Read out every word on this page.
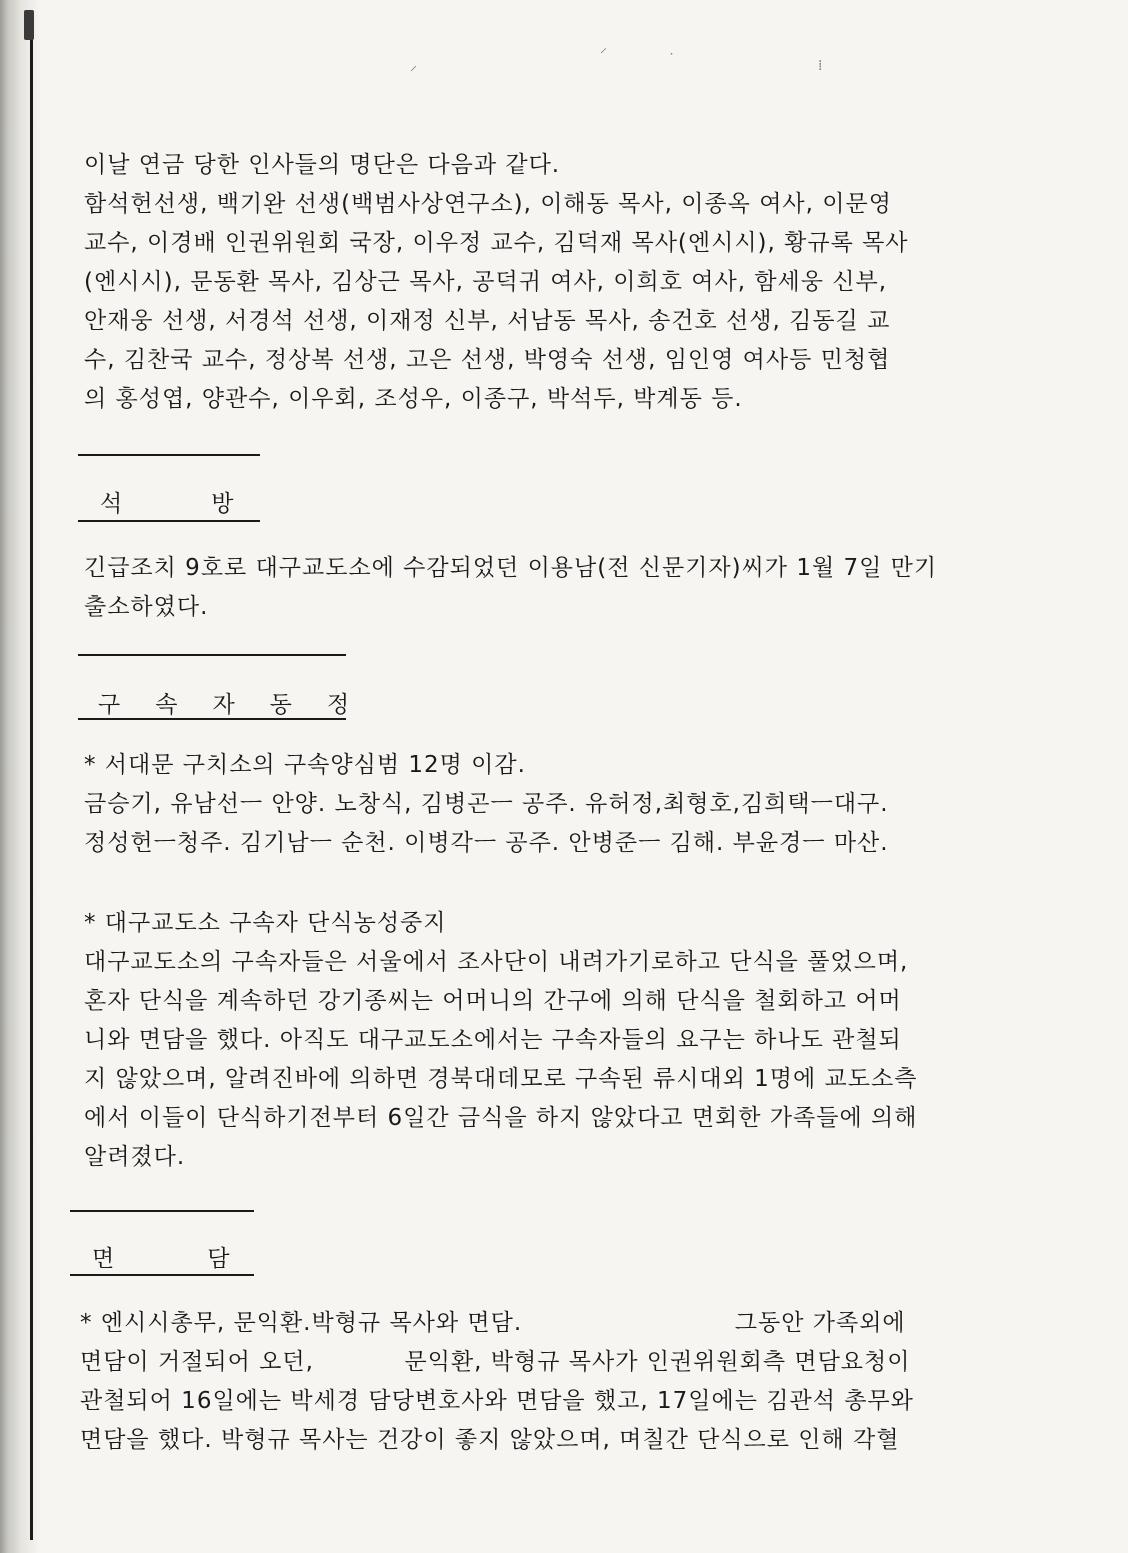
⸝
⸍	˙	⁞
이날 연금 당한 인사들의 명단은 다음과 같다.
함석헌선생, 백기완 선생(백범사상연구소), 이해동 목사, 이종옥 여사, 이문영
교수, 이경배 인권위원회 국장, 이우정 교수, 김덕재 목사(엔시시), 황규록 목사
(엔시시), 문동환 목사, 김상근 목사, 공덕귀 여사, 이희호 여사, 함세웅 신부,
안재웅 선생, 서경석 선생, 이재정 신부, 서남동 목사, 송건호 선생, 김동길 교
수, 김찬국 교수, 정상복 선생, 고은 선생, 박영숙 선생, 임인영 여사등 민청협
의 홍성엽, 양관수, 이우회, 조성우, 이종구, 박석두, 박계동 등.
석	방
긴급조치 9호로 대구교도소에 수감되었던 이용남(전 신문기자)씨가 1월 7일 만기
출소하였다.
구 속 자 동 정
* 서대문 구치소의 구속양심범 12명 이감.
금승기, 유남선ㅡ 안양. 노창식, 김병곤ㅡ 공주. 유허정,최형호,김희택ㅡ대구.
정성헌ㅡ청주. 김기남ㅡ 순천. 이병각ㅡ 공주. 안병준ㅡ 김해. 부윤경ㅡ 마산.
* 대구교도소 구속자 단식농성중지
대구교도소의 구속자들은 서울에서 조사단이 내려가기로하고 단식을 풀었으며,
혼자 단식을 계속하던 강기종씨는 어머니의 간구에 의해 단식을 철회하고 어머
니와 면담을 했다. 아직도 대구교도소에서는 구속자들의 요구는 하나도 관철되
지 않았으며, 알려진바에 의하면 경북대데모로 구속된 류시대외 1명에 교도소측
에서 이들이 단식하기전부터 6일간 금식을 하지 않았다고 면회한 가족들에 의해
알려졌다.
면	담
* 엔시시총무, 문익환.박형규 목사와 면담.	그동안 가족외에
면담이 거절되어 오던,	문익환, 박형규 목사가 인권위원회측 면담요청이
관철되어 16일에는 박세경 담당변호사와 면담을 했고, 17일에는 김관석 총무와
면담을 했다. 박형규 목사는 건강이 좋지 않았으며, 며칠간 단식으로 인해 각혈
